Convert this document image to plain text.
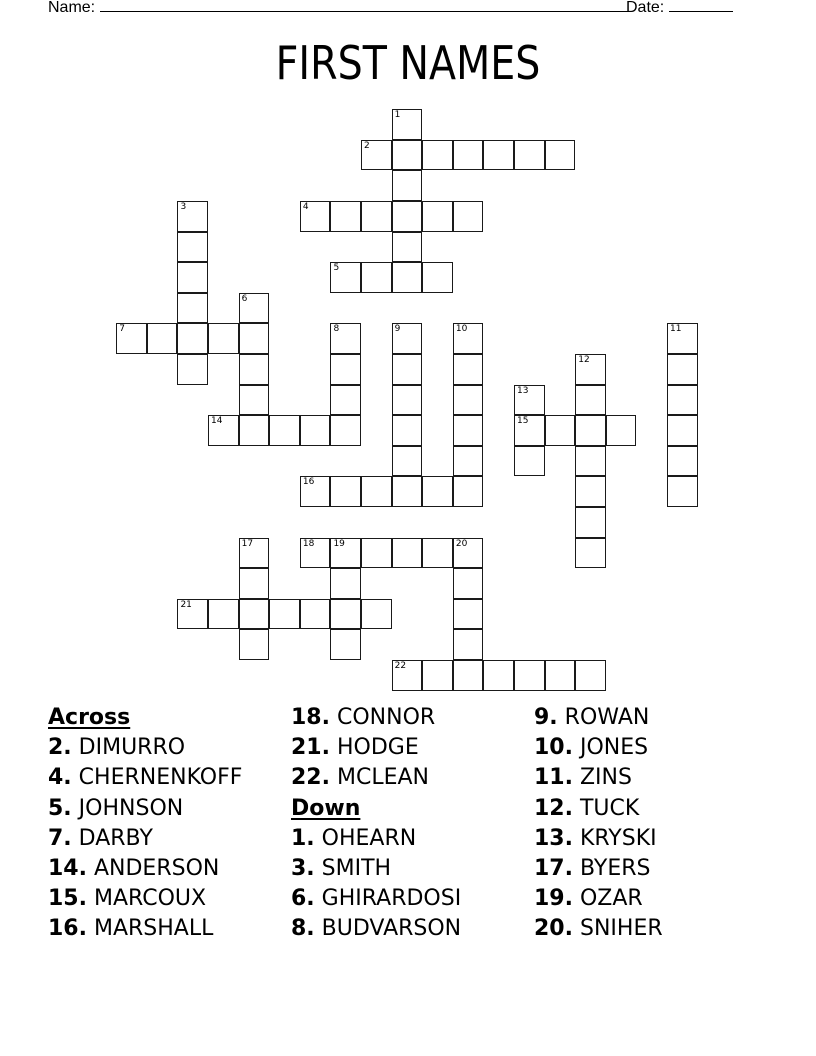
Name:	Date:
FIRST NAMES
1
2
3	4
5
6
7	8	9	10	11
12
13
15
14
16
17	18 19	20
21
22
Across
2. DIMURRO
4. CHERNENKOFF
5. JOHNSON
7. DARBY
14. ANDERSON
15. MARCOUX
16. MARSHALL
18. CONNOR
21. HODGE
22. MCLEAN
Down
1. OHEARN
3. SMITH
6. GHIRARDOSI
8. BUDVARSON
9. ROWAN
10. JONES
11. ZINS
12. TUCK
13. KRYSKI
17. BYERS
19. OZAR
20. SNIHER
